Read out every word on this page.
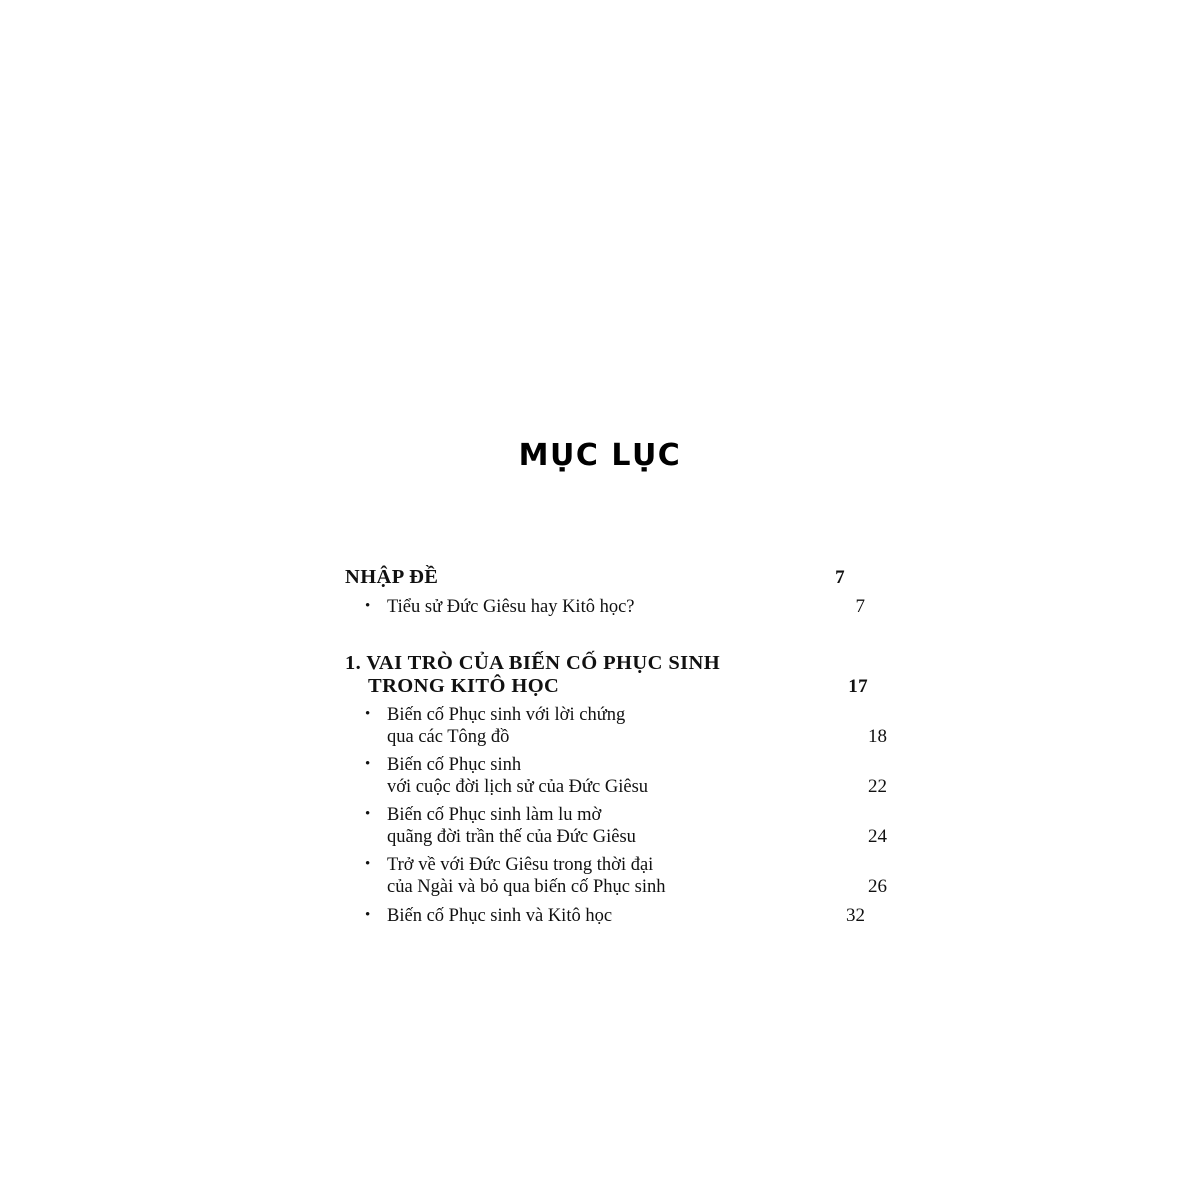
MỤC LỤC
NHẬP ĐỀ	7
• Tiểu sử Đức Giêsu hay Kitô học?	7
1. VAI TRÒ CỦA BIẾN CỐ PHỤC SINH
TRONG KITÔ HỌC	17
• Biến cố Phục sinh với lời chứng
qua các Tông đồ	18
• Biến cố Phục sinh
với cuộc đời lịch sử của Đức Giêsu	22
• Biến cố Phục sinh làm lu mờ
quãng đời trần thế của Đức Giêsu	24
• Trở về với Đức Giêsu trong thời đại
của Ngài và bỏ qua biến cố Phục sinh	26
• Biến cố Phục sinh và Kitô học	32
